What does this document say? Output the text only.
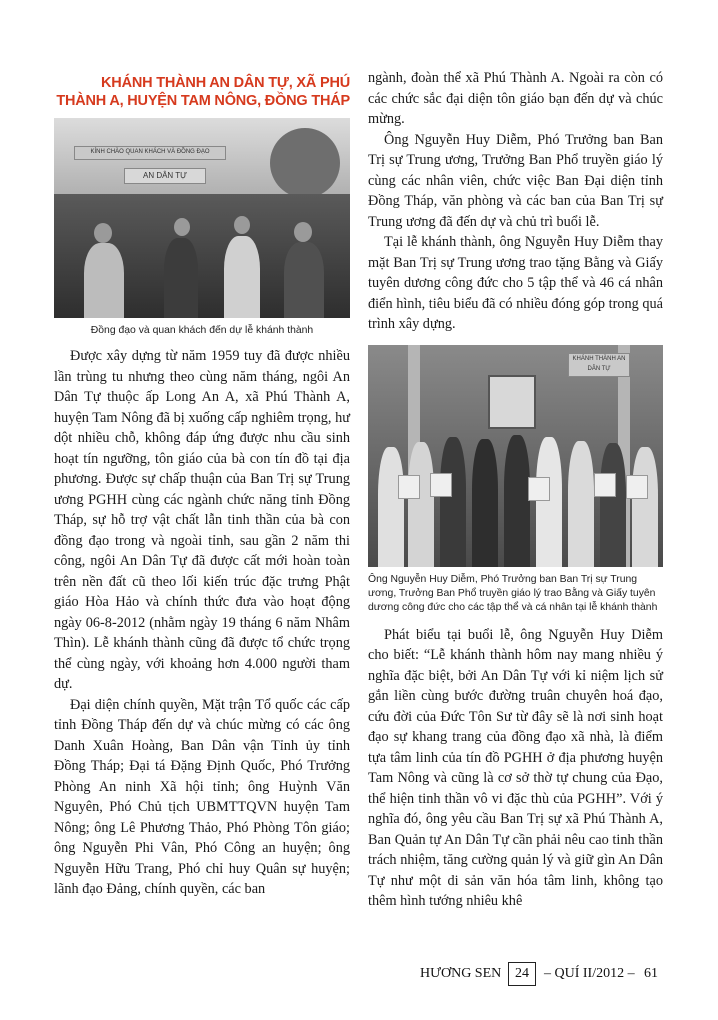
KHÁNH THÀNH AN DÂN TỰ, XÃ PHÚ
THÀNH A, HUYỆN TAM NÔNG, ĐỒNG THÁP
KÍNH CHÀO QUAN KHÁCH VÀ ĐỒNG ĐẠO
AN DÂN TỰ
Đồng đạo và quan khách đến dự lễ khánh thành

Được xây dựng từ năm 1959 tuy đã được nhiều lần trùng tu nhưng theo cùng năm tháng, ngôi An Dân Tự thuộc ấp Long An A, xã Phú Thành A, huyện Tam Nông đã bị xuống cấp nghiêm trọng, hư dột nhiều chỗ, không đáp ứng được nhu cầu sinh hoạt tín ngưỡng, tôn giáo của bà con tín đồ tại địa phương. Được sự chấp thuận của Ban Trị sự Trung ương PGHH cùng các ngành chức năng tỉnh Đồng Tháp, sự hỗ trợ vật chất lẫn tinh thần của bà con đồng đạo trong và ngoài tỉnh, sau gần 2 năm thi công, ngôi An Dân Tự đã được cất mới hoàn toàn trên nền đất cũ theo lối kiến trúc đặc trưng Phật giáo Hòa Hảo và chính thức đưa vào hoạt động ngày 06-8-2012 (nhằm ngày 19 tháng 6 năm Nhâm Thìn). Lễ khánh thành cũng đã được tổ chức trọng thể cùng ngày, với khoảng hơn 4.000 người tham dự.

Đại diện chính quyền, Mặt trận Tổ quốc các cấp tỉnh Đồng Tháp đến dự và chúc mừng có các ông Danh Xuân Hoàng, Ban Dân vận Tỉnh ủy tỉnh Đồng Tháp; Đại tá Đặng Định Quốc, Phó Trưởng Phòng An ninh Xã hội tỉnh; ông Huỳnh Văn Nguyên, Phó Chủ tịch UBMTTQVN huyện Tam Nông; ông Lê Phương Thảo, Phó Phòng Tôn giáo; ông Nguyễn Phi Vân, Phó Công an huyện; ông Nguyễn Hữu Trang, Phó chỉ huy Quân sự huyện; lãnh đạo Đảng, chính quyền, các ban

ngành, đoàn thể xã Phú Thành A. Ngoài ra còn có các chức sắc đại diện tôn giáo bạn đến dự và chúc mừng.

Ông Nguyễn Huy Diễm, Phó Trưởng ban Ban Trị sự Trung ương, Trưởng Ban Phổ truyền giáo lý cùng các nhân viên, chức việc Ban Đại diện tỉnh Đồng Tháp, văn phòng và các ban của Ban Trị sự Trung ương đã đến dự và chủ trì buổi lễ.

Tại lễ khánh thành, ông Nguyễn Huy Diễm thay mặt Ban Trị sự Trung ương trao tặng Bằng và Giấy tuyên dương công đức cho 5 tập thể và 46 cá nhân điển hình, tiêu biểu đã có nhiều đóng góp trong quá trình xây dựng.

KHÁNH THÀNH AN DÂN TỰ
Ông Nguyễn Huy Diễm, Phó Trưởng ban Ban Trị sự Trung ương, Trưởng Ban Phổ truyền giáo lý trao Bằng và Giấy tuyên dương công đức cho các tập thể và cá nhân tại lễ khánh thành

Phát biểu tại buổi lễ, ông Nguyễn Huy Diễm cho biết: “Lễ khánh thành hôm nay mang nhiều ý nghĩa đặc biệt, bởi An Dân Tự với kỉ niệm lịch sử gắn liền cùng bước đường truân chuyên hoá đạo, cứu đời của Đức Tôn Sư từ đây sẽ là nơi sinh hoạt đạo sự khang trang của đồng đạo xã nhà, là điểm tựa tâm linh của tín đồ PGHH ở địa phương huyện Tam Nông và cũng là cơ sở thờ tự chung của Đạo, thể hiện tinh thần vô vi đặc thù của PGHH”. Với ý nghĩa đó, ông yêu cầu Ban Trị sự xã Phú Thành A, Ban Quản tự An Dân Tự cần phải nêu cao tinh thần trách nhiệm, tăng cường quản lý và giữ gìn An Dân Tự như một di sản văn hóa tâm linh, không tạo thêm hình tướng nhiêu khê

HƯƠNG SEN 24	– QUÍ II/2012 – 61
